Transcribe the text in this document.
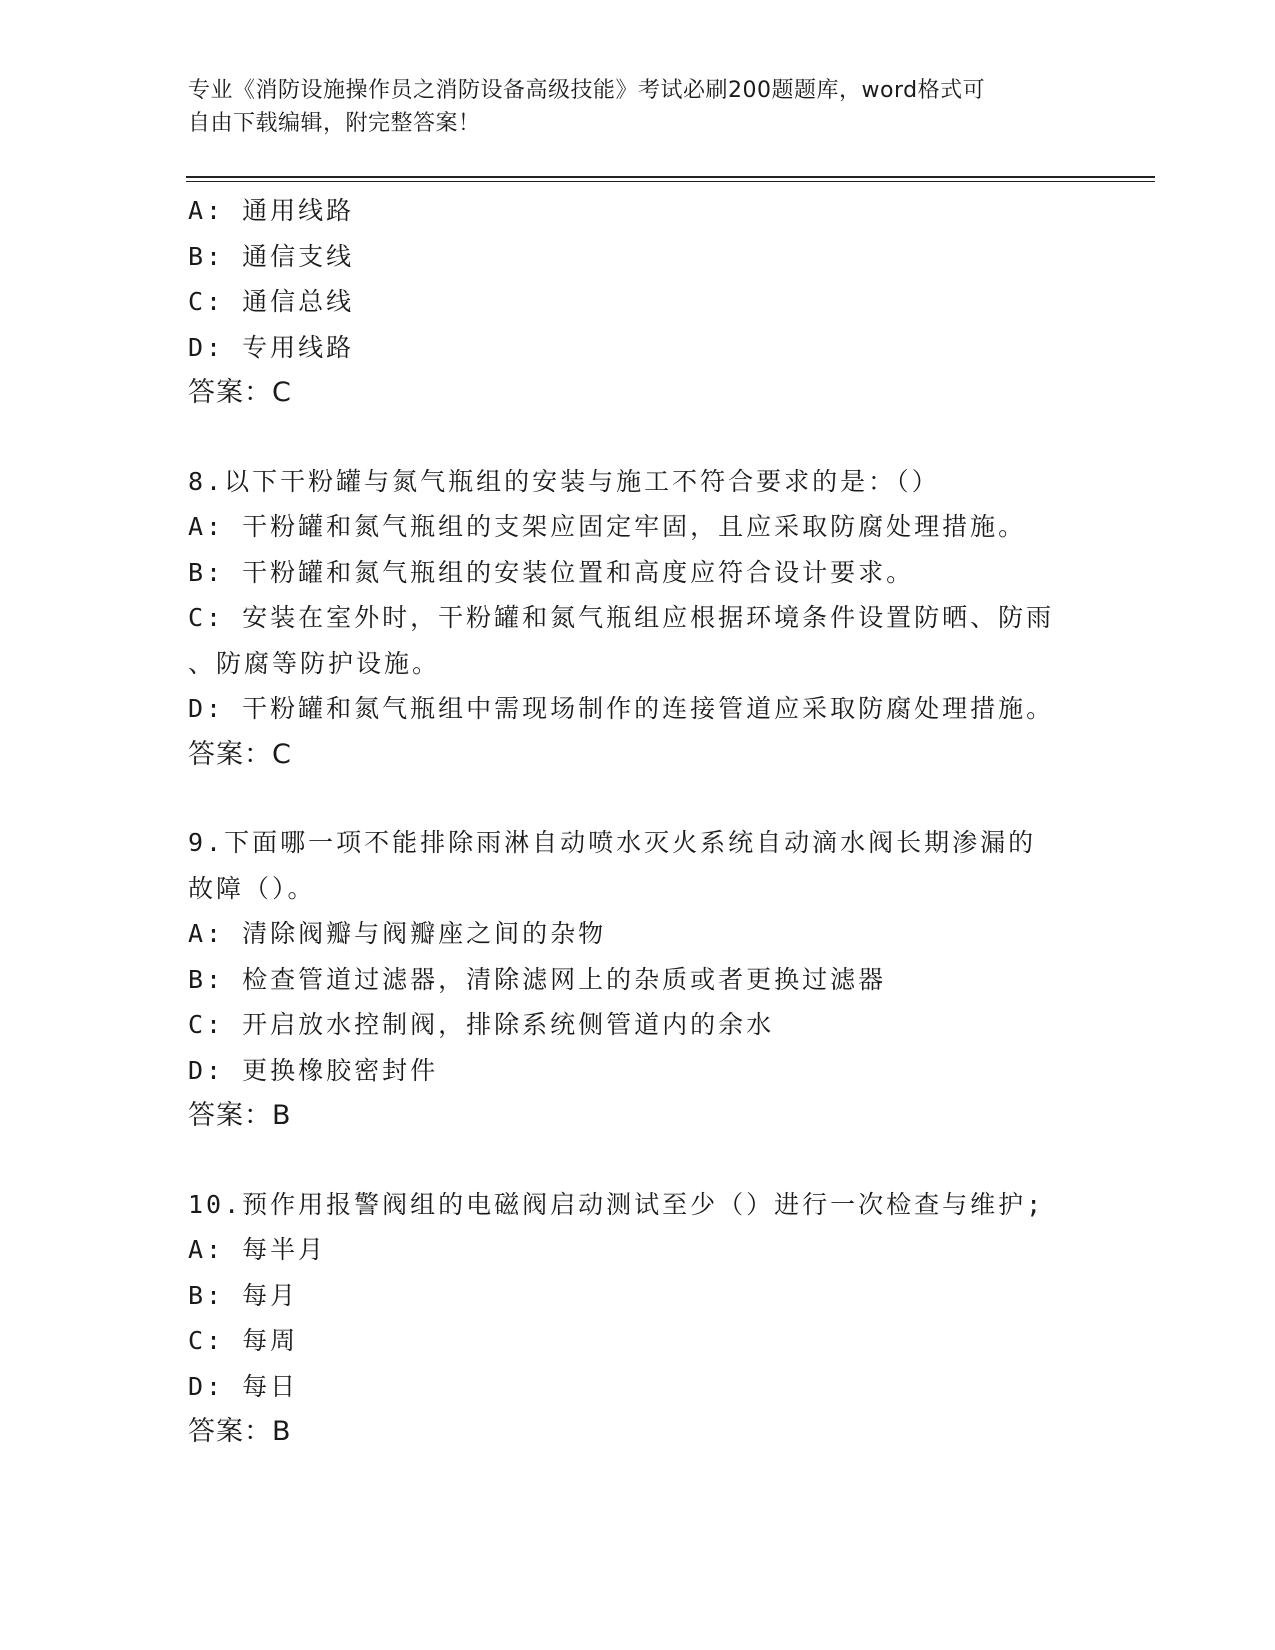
专业《消防设施操作员之消防设备高级技能》考试必刷200题题库，word格式可
自由下载编辑，附完整答案！
A: 通用线路
B: 通信支线
C: 通信总线
D: 专用线路
答案：C
8.以下干粉罐与氮气瓶组的安装与施工不符合要求的是：（）
A: 干粉罐和氮气瓶组的支架应固定牢固，且应采取防腐处理措施。
B: 干粉罐和氮气瓶组的安装位置和高度应符合设计要求。
C: 安装在室外时，干粉罐和氮气瓶组应根据环境条件设置防晒、防雨
、防腐等防护设施。
D: 干粉罐和氮气瓶组中需现场制作的连接管道应采取防腐处理措施。
答案：C
9.下面哪一项不能排除雨淋自动喷水灭火系统自动滴水阀长期渗漏的
故障（）。
A: 清除阀瓣与阀瓣座之间的杂物
B: 检查管道过滤器，清除滤网上的杂质或者更换过滤器
C: 开启放水控制阀，排除系统侧管道内的余水
D: 更换橡胶密封件
答案：B
10.预作用报警阀组的电磁阀启动测试至少（）进行一次检查与维护;
A: 每半月
B: 每月
C: 每周
D: 每日
答案：B
